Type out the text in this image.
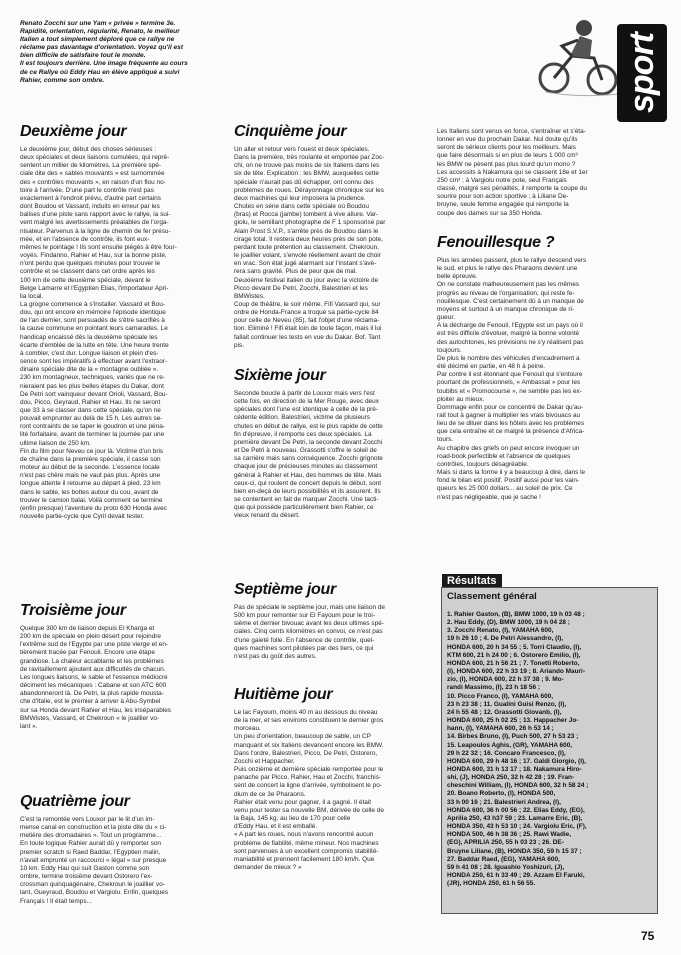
Renato Zocchi sur une Yam « privée » termine 3e.

Rapidité, orientation, régularité, Renato, le meilleur

Italien a tout simplement déploré que ce rallye ne

réclame pas davantage d'orientation. Voyez qu'il est

bien difficile de satisfaire tout le monde.

Il est toujours derrière. Une image fréquente au cours

de ce Rallye où Eddy Hau en élève appliqué a suivi

Rahier, comme son ombre.	sport
Deuxième jour

Le deuxième jour, début des choses sérieuses :

deux spéciales et deux liaisons cumulées, qui repré-

sentent un millier de kilomètres. La première spé-

ciale dite des « sables mouvants » est surnommée

des « contrôles mouvants », en raison d'un flou no-

toire à l'arrivée. D'une part le contrôle n'est pas

exactement à l'endroit prévu, d'autre part certains

dont Boudou et Vassard, induits en erreur par les

balises d'une piste sans rapport avec le rallye, la sui-

vent malgré les avertissements préalables de l'orga-

nisateur. Parvenus à la ligne de chemin de fer présu-

mée, et en l'absence de contrôle, ils font eux-

mêmes le pointage ! Ils sont ensuite piégés à être four-

voyés. Findanno, Rahier et Hau, sur la bonne piste,

n'ont perdu que quelques minutes pour trouver le

contrôle et se classent dans cet ordre après les

100 km de cette deuxième spéciale, devant le

Belge Lamarre et l'Egyptien Elias, l'importateur Apri-

lia local.

La grogne commence à s'installer. Vassard et Bou-

dou, qui ont encore en mémoire l'épisode identique

de l'an dernier, sont persuadés de s'être sacrifiés à

la cause commune en pointant leurs camarades. Le

handicap encaissé dès la deuxième spéciale les

écarte d'emblée de la lutte en tête. Une heure trente

à combler, c'est dur. Longue liaison et plein d'es-

sence sont les impératifs à effectuer avant l'extraor-

dinaire spéciale dite de la « montagne oubliée ».

230 km montagneux, techniques, variés que ne re-

nieraient pas les plus belles étapes du Dakar, dont

De Petri sort vainqueur devant Orioli, Vassard, Bou-

dou, Picco, Geyraud, Rahier et Hau. Ils ne seront

que 33 à se classer dans cette spéciale, qu'on ne

pouvait emprunter au delà de 15 h. Les autres se-

ront contraints de se taper le goudron et une péna-

lité forfaitaire, avant de terminer la journée par une

ultime liaison de 250 km.

Fin du film pour Neveu ce jour là. Victime d'un bris

de chaîne dans la première spéciale, il casse son

moteur au début de la seconde. L'essence locale

n'est pas chère mais ne vaut pas plus. Après une

longue attente il retourne au départ à pied. 23 km

dans le sable, les bottes autour du cou, avant de

trouver le camion balai. Voilà comment se termine

(enfin presque) l'aventure du proto 630 Honda avec

nouvelle partie-cycle que Cyril devait tester.

Troisième jour

Quelque 300 km de liaison depuis El Kharga et

200 km de spéciale en plein désert pour rejoindre

l'extrême sud de l'Egypte par une piste vierge et en-

tièrement tracée par Fenouil. Encore une étape

grandiose. La chaleur accablante et les problèmes

de ravitaillement ajoutent aux difficultés de chacun.

Les longues liaisons, le sable et l'essence médiocre

déciment les mécaniques : Cabane et son ATC 600

abandonneront là. De Petri, la plus rapide mousta-

che d'Italie, est le premier à arriver à Abu-Symbel

sur sa Honda devant Rahier et Hau, les inséparables

BMWistes, Vassard, et Chekroun « le joaillier vo-

lant ».

Quatrième jour

C'est la remontée vers Louxor par le lit d'un im-

mense canal en construction et la piste dite du « ci-

metière des dromadaires ». Tout un programme...

En toute logique Rahier aurait dû y remporter son

premier scratch si Raed Baddar, l'Egyptien malin,

n'avait emprunté un raccourci « légal » sur presque

10 km. Eddy Hau qui suit Gaston comme son

ombre, termine troisième devant Ostorero l'ex-

crossman quinquagénaire, Chekroun le joaillier vo-

lant, Gueyraud, Boudou et Vargiolu. Enfin, quelques

Français ! Il était temps...

Cinquième jour

Un aller et retour vers l'ouest et deux spéciales.

Dans la première, très roulante et emportée par Zoc-

chi, on ne trouve pas moins de six Italiens dans les

six de tête. Explication : les BMW, auxquelles cette

spéciale n'aurait pas dû échapper, ont connu des

problèmes de roues. Dérayonnage chronique sur les

deux machines qui leur imposera la prudence.

Chutes en série dans cette spéciale où Boudou

(bras) et Rocca (jambe) tombent à vive allure. Var-

giolu, le semillant photographe de F 1 sponsorisé par

Alain Prost S.V.P., s'arrête près de Boudou dans le

cirage total. Il restera deux heures près de son pote,

perdant toute prétention au classement. Chekroun,

le joaillier volant, s'envole réellement avant de choir

en vrac. Son état jugé alarmant sur l'instant s'avè-

rera sans gravité. Plus de peur que de mal.

Deuxième festival italien du jour avec la victoire de

Picco devant De Petri, Zocchi, Balestrieri et les

BMWistes.

Coup de théâtre, le soir même. Fifi Vassard qui, sur

ordre de Honda-France a troqué sa partie-cycle 84

pour celle de Neveu (85), fait l'objet d'une réclama-

tion. Eliminé ! Fifi était loin de toute façon, mais il lui

fallait continuer les tests en vue du Dakar. Bof. Tant

pis.

Sixième jour

Seconde boucle à partir de Louxor mais vers l'est

cette fois, en direction de la Mer Rouge, avec deux

spéciales dont l'une est identique à celle de la pré-

cédente édition. Balestrieri, victime de plusieurs

chutes en début de rallye, est le plus rapide de cette

fin d'épreuve, il remporte ces deux spéciales. La

première devant De Petri, la seconde devant Zocchi

et De Petri à nouveau. Grassotti s'offre le soleil de

sa carrière mais sans conséquence. Zocchi grignote

chaque jour de précieuses minutes au classement

général à Rahier et Hau, des hommes de tête. Mais

ceux-ci, qui roulent de concert depuis le début, sont

bien en-deçà de leurs possibilités et ils assurent. Ils

se contentent en fait de marquer Zocchi. Une tacti-

que qui possède particulièrement bien Rahier, ce

vieux renard du désert.

Septième jour

Pas de spéciale le septième jour, mais une liaison de

500 km pour remonter sur El Fayoum pour le troi-

sième et dernier bivouac avant les deux ultimes spé-

ciales. Cinq cents kilomètres en convoi, ce n'est pas

d'une gaieté folle. En l'absence de contrôle, quel-

ques machines sont pilotées par des tiers, ce qui

n'est pas du goût des autres.

Huitième jour

Le lac Fayoum, moins 40 m au dessous du niveau

de la mer, et ses environs constituent le dernier gros

morceau.

Un peu d'orientation, beaucoup de sable, un CP

manquant et six Italiens devancent encore les BMW.

Dans l'ordre, Balestrieri, Picco, De Petri, Ostorero,

Zocchi et Happacher.

Puis onzième et dernière spéciale remportée pour le

panache par Picco. Rahier, Hau et Zocchi, franchis-

sent de concert la ligne d'arrivée, symbolisent le po-

dium de ce 3e Pharaons.

Rahier était venu pour gagner, il a gagné. Il était

venu pour tester sa nouvelle BM, dérivée de celle de

la Baja, 145 kg, au lieu de 170 pour celle

d'Eddy Hau, et il est emballé.

« A part les roues, nous n'avons rencontré aucun

problème de fiabilité, même mineur. Nos machines

sont parvenues à un excellent compromis stabilité-

maniabilité et prennent facilement 180 km/h. Que

demander de mieux ? »

Les Italiens sont venus en force, s'entraîner et s'éta-

lonner en vue du prochain Dakar. Nul doute qu'ils

seront de sérieux clients pour les meilleurs. Mais

que faire désormais si en plus de leurs 1 000 cm³

les BMW ne pèsent pas plus lourd qu'un mono ?

Les accessits à Nakamura qui se classent 18e et 1er

250 cm³ ; à Vargiolu notre pote, seul Français

classé, malgré ses pénalités, il remporte la coupe du

sourire pour son action sportive ; à Liliane De-

bruyne, seule femme engagée qui remporte la

coupe des dames sur sa 350 Honda.

Fenouillesque ?

Plus les années passent, plus le rallye descend vers

le sud, et plus le rallye des Pharaons devient une

belle épreuve.

On ne constate malheureusement pas les mêmes

progrès au niveau de l'organisation, qui reste fe-

nouillesque. C'est certainement dû à un manque de

moyens et surtout à un manque chronique de ri-

gueur.

A la décharge de Fenouil, l'Egypte est un pays où il

est très difficile d'évoluer, malgré la bonne volonté

des autochtones, les prévisions ne s'y réalisent pas

toujours.

De plus le nombre des véhicules d'encadrement a

été décimé en partie, en 48 h à peine.

Par contre il est étonnant que Fenouil qui s'entoure

pourtant de professionnels, « Ambassat » pour les

toubibs et « Promocourse », ne semble pas les ex-

ploiter au mieux.

Dommage enfin pour ce concentré de Dakar qu'au-

rait tout à gagner à multiplier les vrais bivouacs au

lieu de se diluer dans les hôtels avec les problèmes

que cela entraîne et ce malgré la présence d'Africa-

tours.

Au chapitre des griefs on peut encore invoquer un

road-book perfectible et l'absence de quelques

contrôles, toujours désagréable.

Mais si dans la forme il y a beaucoup à dire, dans le

fond le bilan est positif. Positif aussi pour les vain-

queurs les 25 000 dollars... au soleil de prix. Ce

n'est pas négligeable, que je sache !

Résultats
Classement général

1. Rahier Gaston, (B), BMW 1000, 19 h 03 48 ;

2. Hau Eddy, (D), BMW 1000, 19 h 04 28 ;

3. Zocchi Renato, (I), YAMAHA 600,

19 h 26 10 ; 4. De Petri Alessandro, (I),

HONDA 600, 20 h 34 55 ; 5. Torri Claudio, (I),

KTM 600, 21 h 24 00 ; 6. Ostorero Emilio, (I),

HONDA 600, 21 h 56 21 ; 7. Tonetti Roberto,

(I), HONDA 600, 22 h 33 19 ; 8. Ariando Mauri-

zio, (I), HONDA 600, 22 h 37 38 ; 9. Mo-

randi Massimo, (I), 23 h 18 56 ;

10. Picco Franco, (I), YAMAHA 600,

23 h 23 38 ; 11. Gualini Guisi Renzo, (I),

24 h 55 48 ; 12. Grassotti Giovanb, (I),

HONDA 600, 25 h 02 25 ; 13. Happacher Jo-

hann, (I), YAMAHA 600, 26 h 53 14 ;

14. Birbes Bruno, (I), Puch 500, 27 h 53 23 ;

15. Leapoulos Aghis, (GR), YAMAHA 600,

29 h 22 32 ; 16. Concaro Francesco, (I),

HONDA 600, 29 h 48 16 ; 17. Galdi Giorgio, (I),

HONDA 600, 31 h 13 17 ; 18. Nakamura Hiro-

shi, (J), HONDA 250, 32 h 42 28 ; 19. Fran-

cheschini William, (I), HONDA 600, 32 h 58 24 ;

20. Boano Roberto, (I), HONDA 500,

33 h 00 16 ; 21. Balestrieri Andrea, (I),

HONDA 600, 36 h 00 56 ; 22. Elias Eddy, (EG),

Aprilia 250, 43 h37 59 ; 23. Lamarre Eric, (B),

HONDA 350, 43 h 53 10 ; 24. Vargiolu Eric, (F),

HONDA 500, 46 h 38 36 ; 25. Rawi Wadie,

(EG), APRILIA 250, 55 h 03 23 ; 26. DE-

Bruyne Liliane, (B), HONDA 350, 59 h 15 37 ;

27. Baddar Raed, (EG), YAMAHA 600,

59 h 41 08 ; 28. Iguashio Yoshizuri, (J),

HONDA 250, 61 h 33 49 ; 29. Azzam El Faruki,

(JR), HONDA 250, 61 h 56 55.

75
